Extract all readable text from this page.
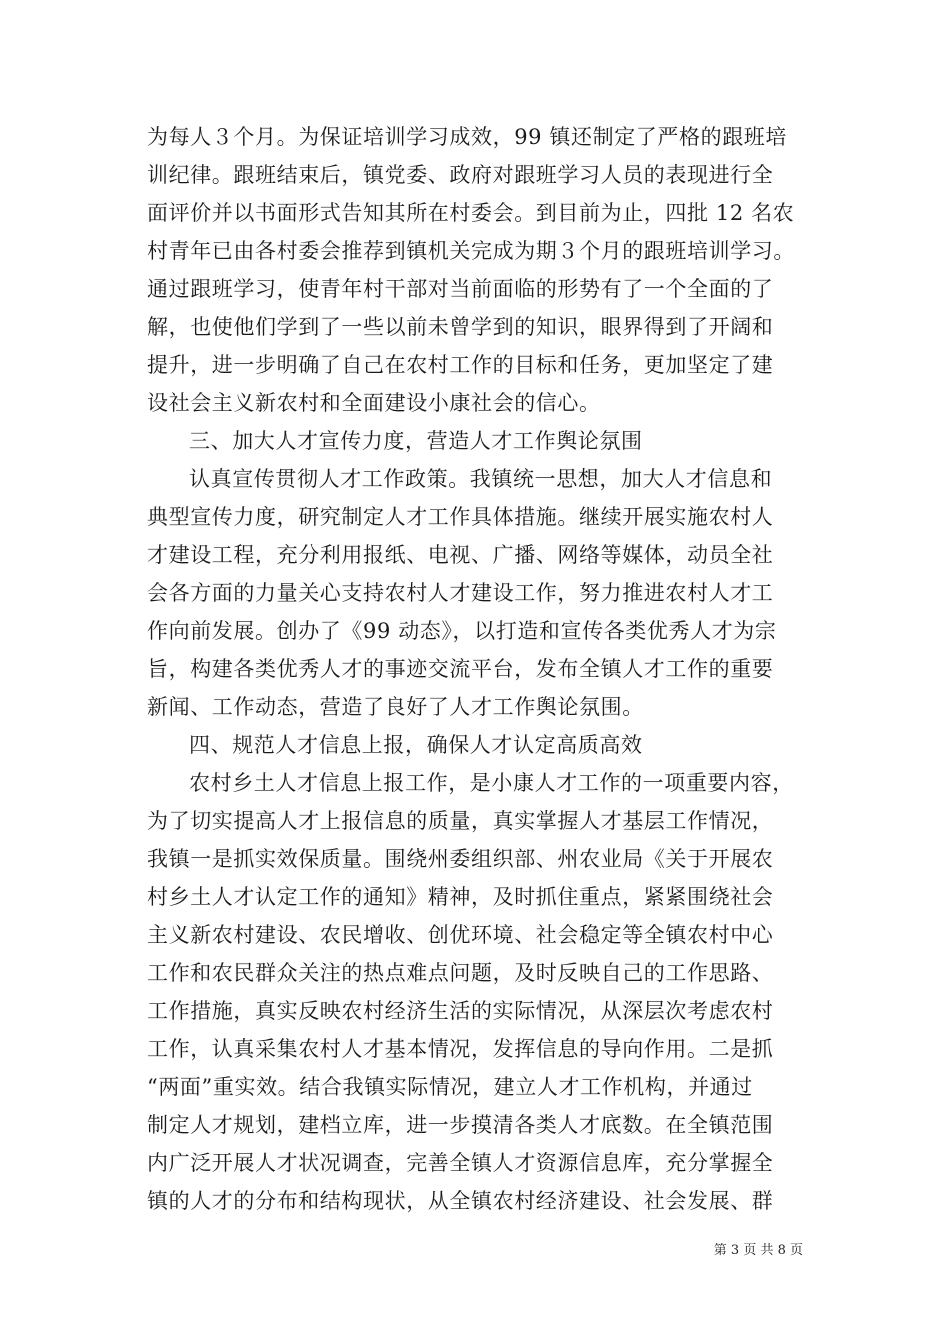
为每人３个月。为保证培训学习成效，99 镇还制定了严格的跟班培
训纪律。跟班结束后，镇党委、政府对跟班学习人员的表现进行全
面评价并以书面形式告知其所在村委会。到目前为止，四批 12 名农
村青年已由各村委会推荐到镇机关完成为期３个月的跟班培训学习。
通过跟班学习，使青年村干部对当前面临的形势有了一个全面的了
解，也使他们学到了一些以前未曾学到的知识，眼界得到了开阔和
提升，进一步明确了自己在农村工作的目标和任务，更加坚定了建
设社会主义新农村和全面建设小康社会的信心。
三、加大人才宣传力度，营造人才工作舆论氛围
认真宣传贯彻人才工作政策。我镇统一思想，加大人才信息和
典型宣传力度，研究制定人才工作具体措施。继续开展实施农村人
才建设工程，充分利用报纸、电视、广播、网络等媒体，动员全社
会各方面的力量关心支持农村人才建设工作，努力推进农村人才工
作向前发展。创办了《99 动态》，以打造和宣传各类优秀人才为宗
旨，构建各类优秀人才的事迹交流平台，发布全镇人才工作的重要
新闻、工作动态，营造了良好了人才工作舆论氛围。
四、规范人才信息上报，确保人才认定高质高效
农村乡土人才信息上报工作，是小康人才工作的一项重要内容，
为了切实提高人才上报信息的质量，真实掌握人才基层工作情况，
我镇一是抓实效保质量。围绕州委组织部、州农业局《关于开展农
村乡土人才认定工作的通知》精神，及时抓住重点，紧紧围绕社会
主义新农村建设、农民增收、创优环境、社会稳定等全镇农村中心
工作和农民群众关注的热点难点问题，及时反映自己的工作思路、
工作措施，真实反映农村经济生活的实际情况，从深层次考虑农村
工作，认真采集农村人才基本情况，发挥信息的导向作用。二是抓
“两面”重实效。结合我镇实际情况，建立人才工作机构，并通过
制定人才规划，建档立库，进一步摸清各类人才底数。在全镇范围
内广泛开展人才状况调查，完善全镇人才资源信息库，充分掌握全
镇的人才的分布和结构现状，从全镇农村经济建设、社会发展、群
第 3 页 共 8 页
